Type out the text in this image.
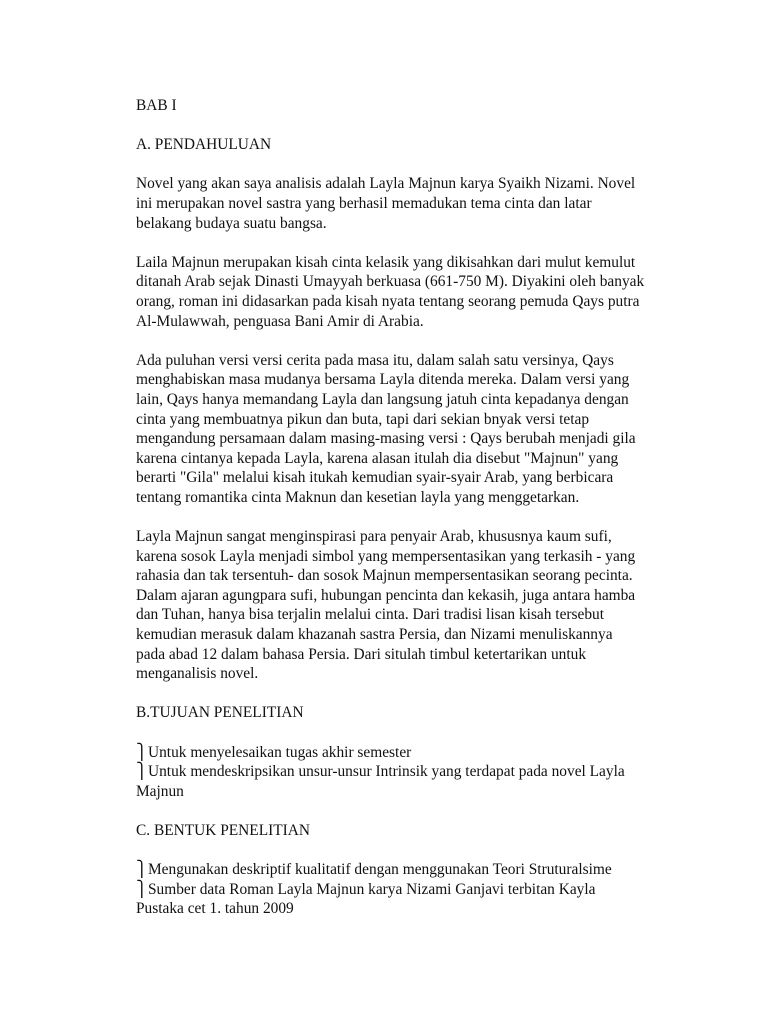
BAB I
A. PENDAHULUAN
Novel yang akan saya analisis adalah Layla Majnun karya Syaikh Nizami. Novel
ini merupakan novel sastra yang berhasil memadukan tema cinta dan latar
belakang budaya suatu bangsa.
Laila Majnun merupakan kisah cinta kelasik yang dikisahkan dari mulut kemulut
ditanah Arab sejak Dinasti Umayyah berkuasa (661-750 M). Diyakini oleh banyak
orang, roman ini didasarkan pada kisah nyata tentang seorang pemuda Qays putra
Al-Mulawwah, penguasa Bani Amir di Arabia.
Ada puluhan versi versi cerita pada masa itu, dalam salah satu versinya, Qays
menghabiskan masa mudanya bersama Layla ditenda mereka. Dalam versi yang
lain, Qays hanya memandang Layla dan langsung jatuh cinta kepadanya dengan
cinta yang membuatnya pikun dan buta, tapi dari sekian bnyak versi tetap
mengandung persamaan dalam masing-masing versi : Qays berubah menjadi gila
karena cintanya kepada Layla, karena alasan itulah dia disebut "Majnun" yang
berarti "Gila" melalui kisah itukah kemudian syair-syair Arab, yang berbicara
tentang romantika cinta Maknun dan kesetian layla yang menggetarkan.
Layla Majnun sangat menginspirasi para penyair Arab, khususnya kaum sufi,
karena sosok Layla menjadi simbol yang mempersentasikan yang terkasih - yang
rahasia dan tak tersentuh- dan sosok Majnun mempersentasikan seorang pecinta.
Dalam ajaran agungpara sufi, hubungan pencinta dan kekasih, juga antara hamba
dan Tuhan, hanya bisa terjalin melalui cinta. Dari tradisi lisan kisah tersebut
kemudian merasuk dalam khazanah sastra Persia, dan Nizami menuliskannya
pada abad 12 dalam bahasa Persia. Dari situlah timbul ketertarikan untuk
menganalisis novel.
B.TUJUAN PENELITIAN
⎫Untuk menyelesaikan tugas akhir semester
⎫Untuk mendeskripsikan unsur-unsur Intrinsik yang terdapat pada novel Layla
Majnun
C. BENTUK PENELITIAN
⎫Mengunakan deskriptif kualitatif dengan menggunakan Teori Struturalsime
⎫Sumber data Roman Layla Majnun karya Nizami Ganjavi terbitan Kayla
Pustaka cet 1. tahun 2009
